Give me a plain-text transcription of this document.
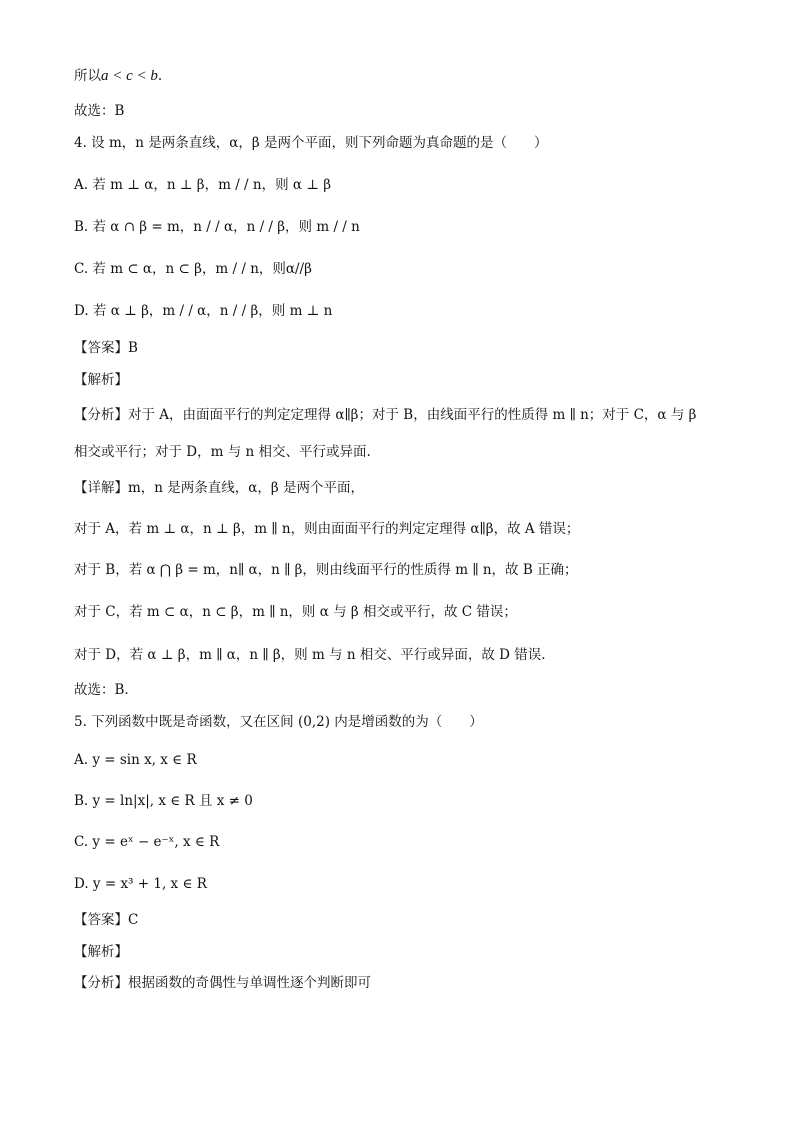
所以a < c < b.
故选：B
4. 设 m，n 是两条直线，α，β 是两个平面，则下列命题为真命题的是（　　）
A. 若 m ⊥ α，n ⊥ β，m / / n，则 α ⊥ β
B. 若 α ∩ β = m，n / / α，n / / β，则 m / / n
C. 若 m ⊂ α，n ⊂ β，m / / n，则α//β
D. 若 α ⊥ β，m / / α，n / / β，则 m ⊥ n
【答案】B
【解析】
【分析】对于 A，由面面平行的判定定理得 α∥β；对于 B，由线面平行的性质得 m ∥ n；对于 C，α 与 β
相交或平行；对于 D，m 与 n 相交、平行或异面.
【详解】m，n 是两条直线，α，β 是两个平面，
对于 A，若 m ⊥ α，n ⊥ β，m ∥ n，则由面面平行的判定定理得 α∥β，故 A 错误；
对于 B，若 α ⋂ β = m，n∥ α，n ∥ β，则由线面平行的性质得 m ∥ n，故 B 正确；
对于 C，若 m ⊂ α，n ⊂ β，m ∥ n，则 α 与 β 相交或平行，故 C 错误；
对于 D，若 α ⊥ β，m ∥ α，n ∥ β，则 m 与 n 相交、平行或异面，故 D 错误.
故选：B.
5. 下列函数中既是奇函数，又在区间 (0,2) 内是增函数的为（　　）
A. y = sin x, x ∈ R
B. y = ln|x|, x ∈ R 且 x ≠ 0
C. y = eˣ − e⁻ˣ, x ∈ R
D. y = x³ + 1, x ∈ R
【答案】C
【解析】
【分析】根据函数的奇偶性与单调性逐个判断即可
